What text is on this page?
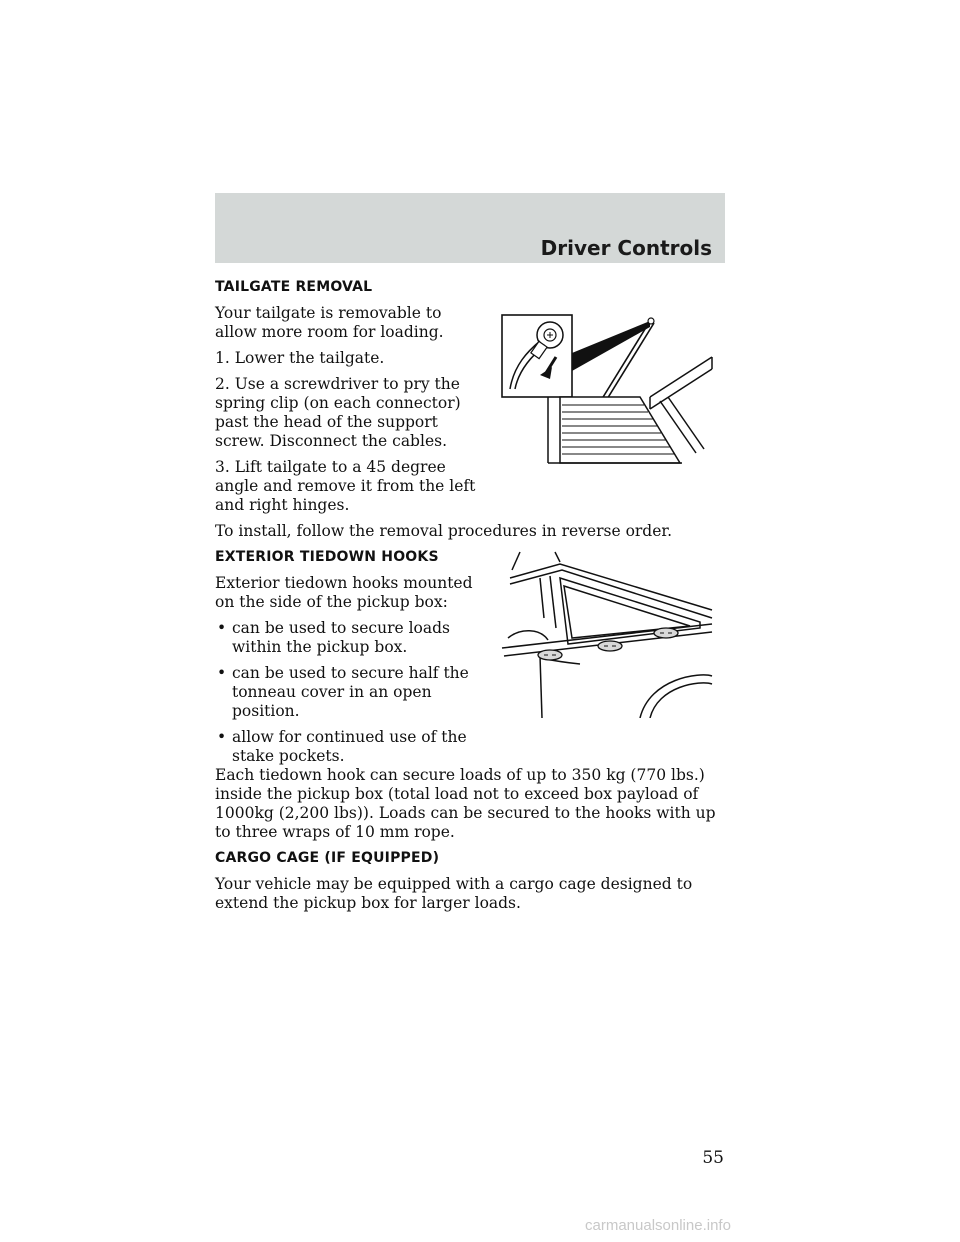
Driver Controls
TAILGATE REMOVAL

Your tailgate is removable to allow more room for loading.

1. Lower the tailgate.

2. Use a screwdriver to pry the spring clip (on each connector) past the head of the support screw. Disconnect the cables.

3. Lift tailgate to a 45 degree angle and remove it from the left and right hinges.

To install, follow the removal procedures in reverse order.

EXTERIOR TIEDOWN HOOKS

Exterior tiedown hooks mounted on the side of the pickup box:

• can be used to secure loads within the pickup box.
• can be used to secure half the tonneau cover in an open position.
• allow for continued use of the stake pockets.

Each tiedown hook can secure loads of up to 350 kg (770 lbs.) inside the pickup box (total load not to exceed box payload of 1000kg (2,200 lbs)). Loads can be secured to the hooks with up to three wraps of 10 mm rope.

CARGO CAGE (IF EQUIPPED)

Your vehicle may be equipped with a cargo cage designed to extend the pickup box for larger loads.

55
carmanualsonline.info
